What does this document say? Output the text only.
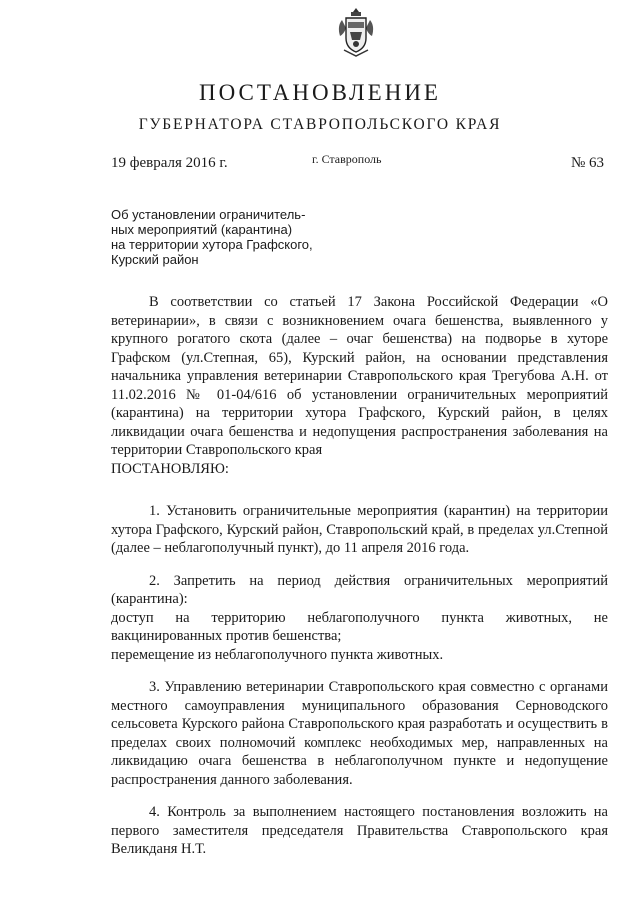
ПОСТАНОВЛЕНИЕ
ГУБЕРНАТОРА СТАВРОПОЛЬСКОГО КРАЯ
19 февраля 2016 г.	г. Ставрополь	№ 63
Об установлении ограничитель-
ных мероприятий (карантина)
на территории хутора Графского,
Курский район

В соответствии со статьей 17 Закона Российской Федерации «О ветеринарии», в связи с возникновением очага бешенства, выявленного у крупного рогатого скота (далее – очаг бешенства) на подворье в хуторе Графском (ул.Степная, 65), Курский район, на основании представления начальника управления ветеринарии Ставропольского края Трегубова А.Н. от 11.02.2016 № 01-04/616 об установлении ограничительных мероприятий (карантина) на территории хутора Графского, Курский район, в целях ликвидации очага бешенства и недопущения распространения заболевания на территории Ставропольского края

ПОСТАНОВЛЯЮ:

1. Установить ограничительные мероприятия (карантин) на территории хутора Графского, Курский район, Ставропольский край, в пределах ул.Степной (далее – неблагополучный пункт), до 11 апреля 2016 года.

2. Запретить на период действия ограничительных мероприятий (карантина):

доступ на территорию неблагополучного пункта животных, не вакцинированных против бешенства;

перемещение из неблагополучного пункта животных.

3. Управлению ветеринарии Ставропольского края совместно с органами местного самоуправления муниципального образования Серноводского сельсовета Курского района Ставропольского края разработать и осуществить в пределах своих полномочий комплекс необходимых мер, направленных на ликвидацию очага бешенства в неблагополучном пункте и недопущение распространения данного заболевания.

4. Контроль за выполнением настоящего постановления возложить на первого заместителя председателя Правительства Ставропольского края Великданя Н.Т.
